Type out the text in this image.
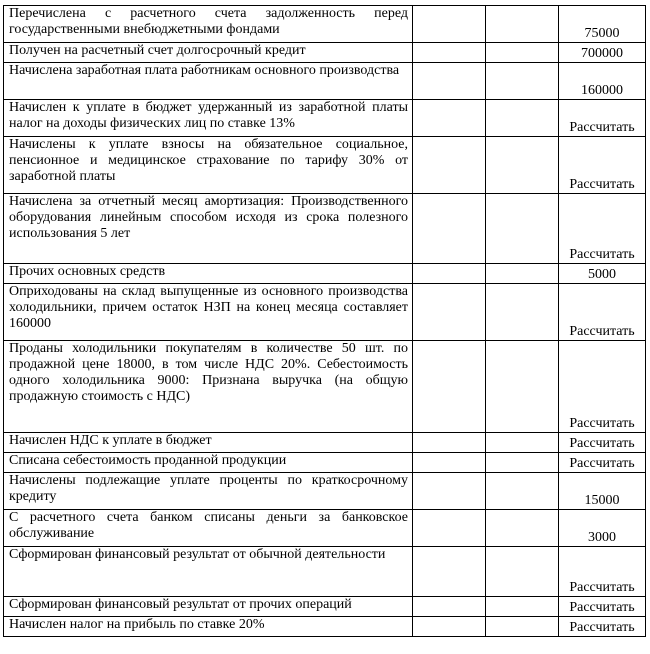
Перечислена с расчетного счета задолженность перед государственными внебюджетными фондами			75000
Получен на расчетный счет долгосрочный кредит			700000
Начислена заработная плата работникам основного производства			160000
Начислен к уплате в бюджет удержанный из заработной платы налог на доходы физических лиц по ставке 13%			Рассчитать
Начислены к уплате взносы на обязательное социальное, пенсионное и медицинское страхование по тарифу 30% от заработной платы			Рассчитать
Начислена за отчетный месяц амортизация: Производственного оборудования линейным способом исходя из срока полезного использования 5 лет			Рассчитать
Прочих основных средств			5000
Оприходованы на склад выпущенные из основного производства холодильники, причем остаток НЗП на конец месяца составляет 160000			Рассчитать
Проданы холодильники покупателям в количестве 50 шт. по продажной цене 18000, в том числе НДС 20%. Себестоимость одного холодильника 9000: Признана выручка (на общую продажную стоимость с НДС)			Рассчитать
Начислен НДС к уплате в бюджет			Рассчитать
Списана себестоимость проданной продукции			Рассчитать
Начислены подлежащие уплате проценты по краткосрочному кредиту			15000
С расчетного счета банком списаны деньги за банковское обслуживание			3000
Сформирован финансовый результат от обычной деятельности			Рассчитать
Сформирован финансовый результат от прочих операций			Рассчитать
Начислен налог на прибыль по ставке 20%			Рассчитать
